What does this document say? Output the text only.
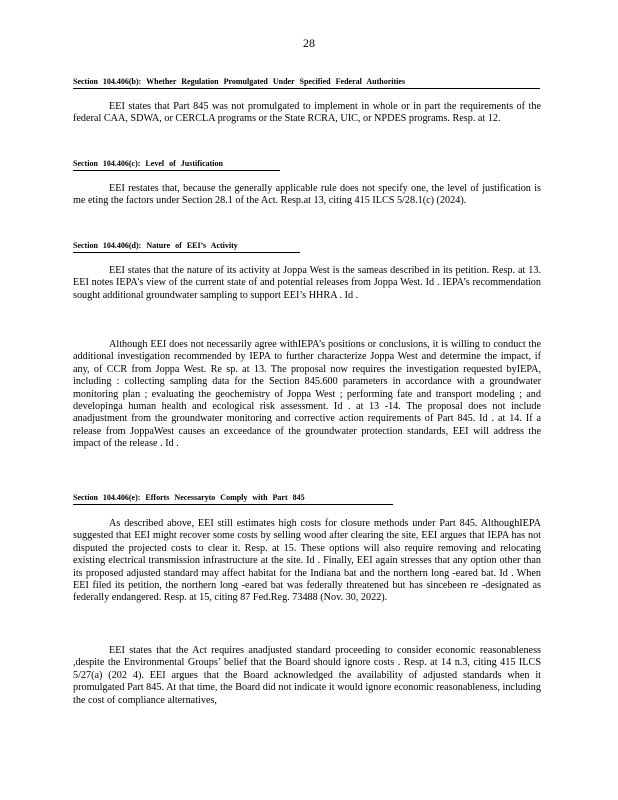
28
Section 104.406(b): Whether Regulation Promulgated Under Specified Federal Authorities

EEI states that Part 845 was not promulgated to implement in whole or in part the requirements of the federal CAA, SDWA, or CERCLA programs or the State RCRA, UIC, or NPDES programs. Resp. at 12.

Section 104.406(c): Level of Justification

EEI restates that, because the generally applicable rule does not specify one, the level of justification is me eting the factors under Section 28.1 of the Act. Resp.at 13, citing 415 ILCS 5/28.1(c) (2024).

Section 104.406(d): Nature of EEI’s Activity

EEI states that the nature of its activity at Joppa West is the sameas described in its petition. Resp. at 13. EEI notes IEPA’s view of the current state of and potential releases from Joppa West. Id . IEPA’s recommendation sought additional groundwater sampling to support EEI’s HHRA . Id .

Although EEI does not necessarily agree withIEPA’s positions or conclusions, it is willing to conduct the additional investigation recommended by IEPA to further characterize Joppa West and determine the impact, if any, of CCR from Joppa West. Re sp. at 13. The proposal now requires the investigation requested byIEPA, including : collecting sampling data for the Section 845.600 parameters in accordance with a groundwater monitoring plan ; evaluating the geochemistry of Joppa West ; performing fate and transport modeling ; and developinga human health and ecological risk assessment. Id . at 13 -14. The proposal does not include anadjustment from the groundwater monitoring and corrective action requirements of Part 845. Id . at 14. If a release from JoppaWest causes an exceedance of the groundwater protection standards, EEI will address the impact of the release . Id .

Section 104.406(e): Efforts Necessaryto Comply with Part 845

As described above, EEI still estimates high costs for closure methods under Part 845. AlthoughIEPA suggested that EEI might recover some costs by selling wood after clearing the site, EEI argues that IEPA has not disputed the projected costs to clear it. Resp. at 15. These options will also require removing and relocating existing electrical transmission infrastructure at the site. Id . Finally, EEI again stresses that any option other than its proposed adjusted standard may affect habitat for the Indiana bat and the northern long -eared bat. Id . When EEI filed its petition, the northern long -eared bat was federally threatened but has sincebeen re -designated as federally endangered. Resp. at 15, citing 87 Fed.Reg. 73488 (Nov. 30, 2022).

EEI states that the Act requires anadjusted standard proceeding to consider economic reasonableness ,despite the Environmental Groups’ belief that the Board should ignore costs . Resp. at 14 n.3, citing 415 ILCS 5/27(a) (202 4). EEI argues that the Board acknowledged the availability of adjusted standards when it promulgated Part 845. At that time, the Board did not indicate it would ignore economic reasonableness, including the cost of compliance alternatives,
